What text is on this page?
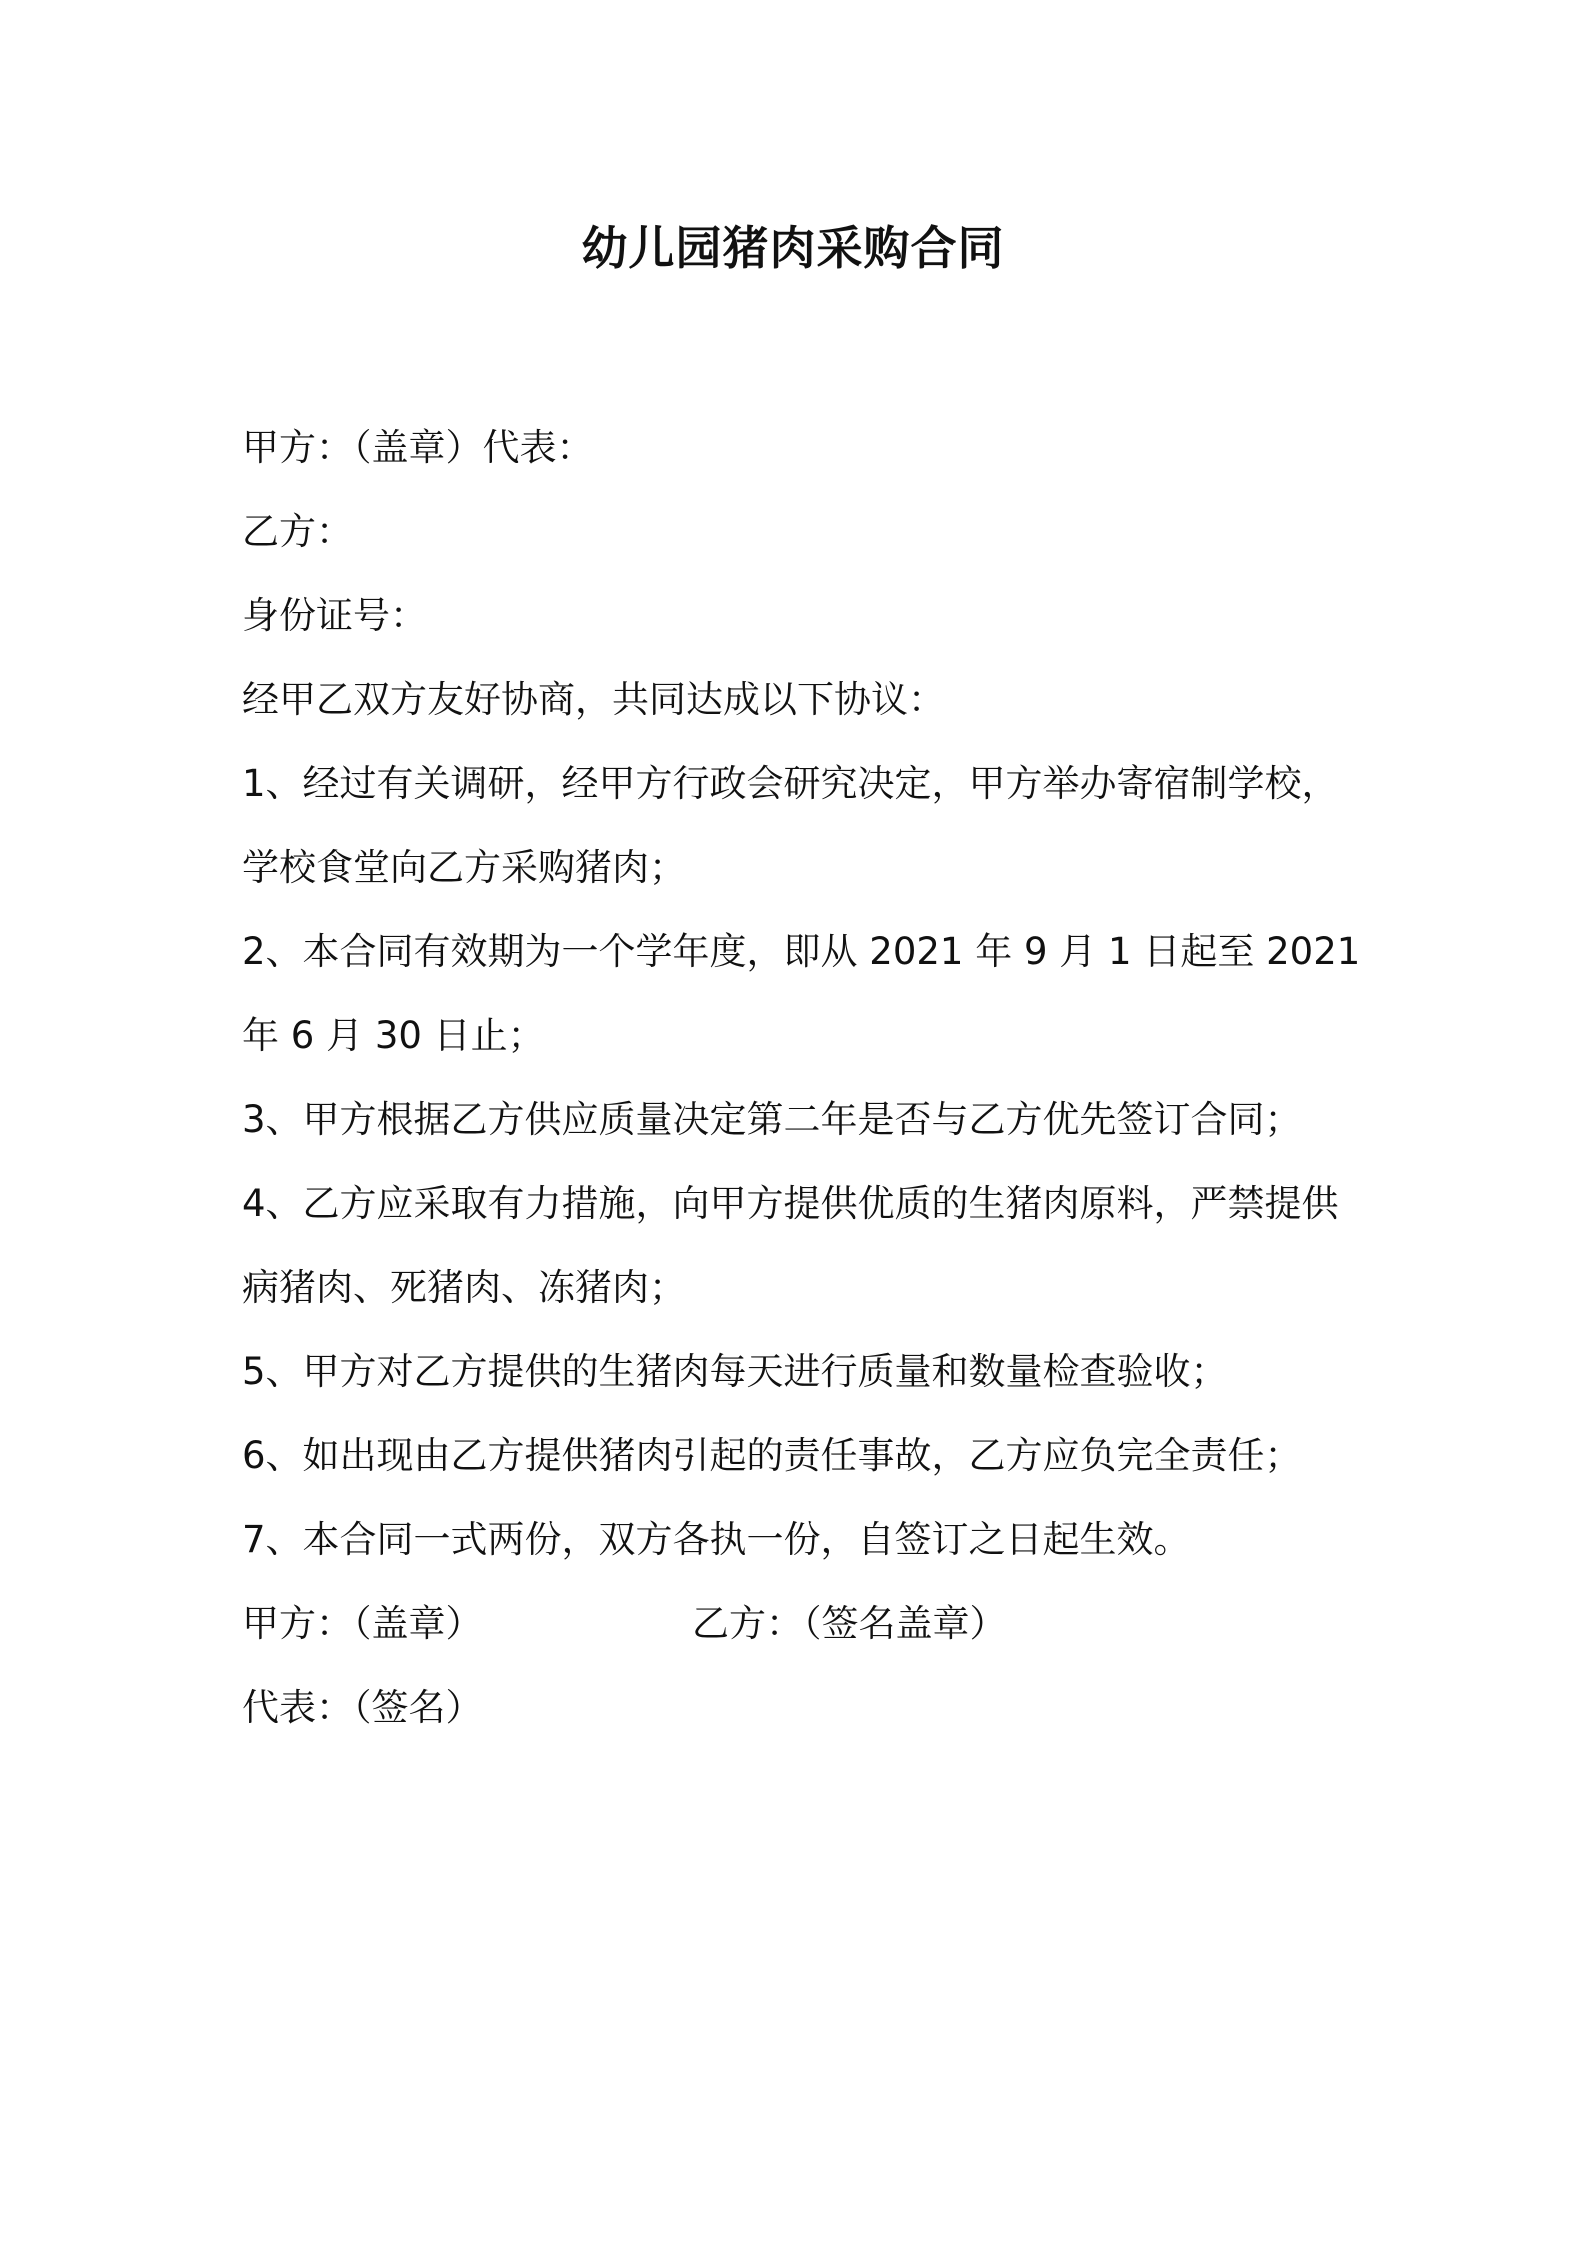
幼儿园猪肉采购合同
甲方：（盖章）代表：
乙方：
身份证号：
经甲乙双方友好协商，共同达成以下协议：
1、经过有关调研，经甲方行政会研究决定，甲方举办寄宿制学校，
学校食堂向乙方采购猪肉；
2、本合同有效期为一个学年度，即从 2021 年 9 月 1 日起至 2021
年 6 月 30 日止；
3、甲方根据乙方供应质量决定第二年是否与乙方优先签订合同；
4、乙方应采取有力措施，向甲方提供优质的生猪肉原料，严禁提供
病猪肉、死猪肉、冻猪肉；
5、甲方对乙方提供的生猪肉每天进行质量和数量检查验收；
6、如出现由乙方提供猪肉引起的责任事故，乙方应负完全责任；
7、本合同一式两份，双方各执一份，自签订之日起生效。
甲方：（盖章）	乙方：（签名盖章）
代表：（签名）
